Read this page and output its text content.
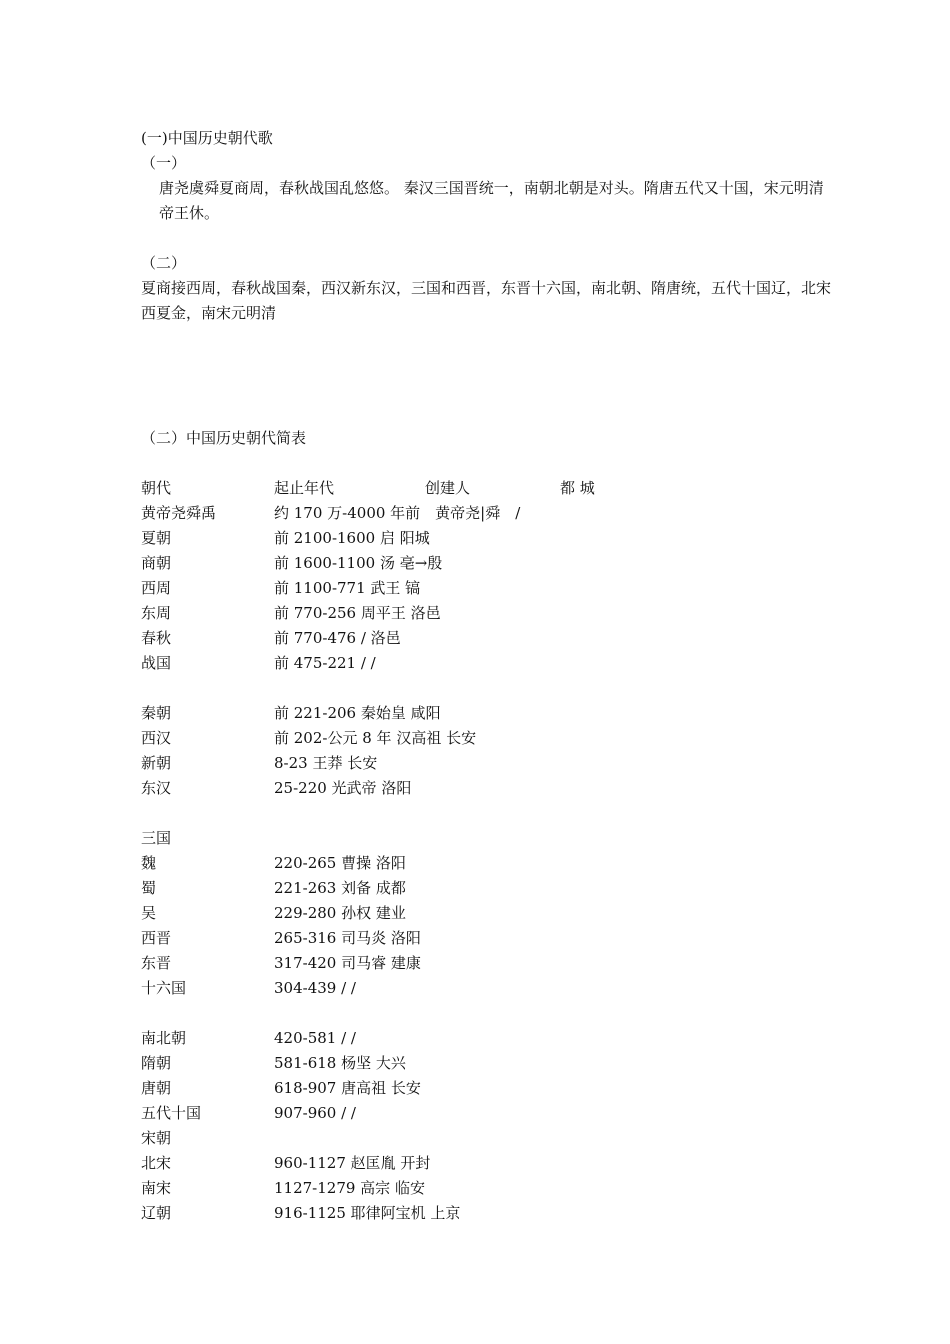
(一)中国历史朝代歌
（一）
唐尧虞舜夏商周，春秋战国乱悠悠。 秦汉三国晋统一，南朝北朝是对头。隋唐五代又十国，宋元明清帝王休。
（二）
夏商接西周，春秋战国秦，西汉新东汉，三国和西晋，东晋十六国，南北朝、隋唐统，五代十国辽，北宋西夏金，南宋元明清
（二）中国历史朝代简表
朝代	起止年代	创建人	都 城
黄帝尧舜禹	约 170 万-4000 年前　黄帝尧|舜　/
夏朝	前 2100-1600 启 阳城
商朝	前 1600-1100 汤 亳→殷
西周	前 1100-771 武王 镐
东周	前 770-256 周平王 洛邑
春秋	前 770-476 / 洛邑
战国	前 475-221 / /
秦朝	前 221-206 秦始皇 咸阳
西汉	前 202-公元 8 年 汉高祖 长安
新朝	8-23 王莽 长安
东汉	25-220 光武帝 洛阳
三国
魏	220-265 曹操 洛阳
蜀	221-263 刘备 成都
吴	229-280 孙权 建业
西晋	265-316 司马炎 洛阳
东晋	317-420 司马睿 建康
十六国	304-439 / /
南北朝	420-581 / /
隋朝	581-618 杨坚 大兴
唐朝	618-907 唐高祖 长安
五代十国	907-960 / /
宋朝
北宋	960-1127 赵匡胤 开封
南宋	1127-1279 高宗 临安
辽朝	916-1125 耶律阿宝机 上京
